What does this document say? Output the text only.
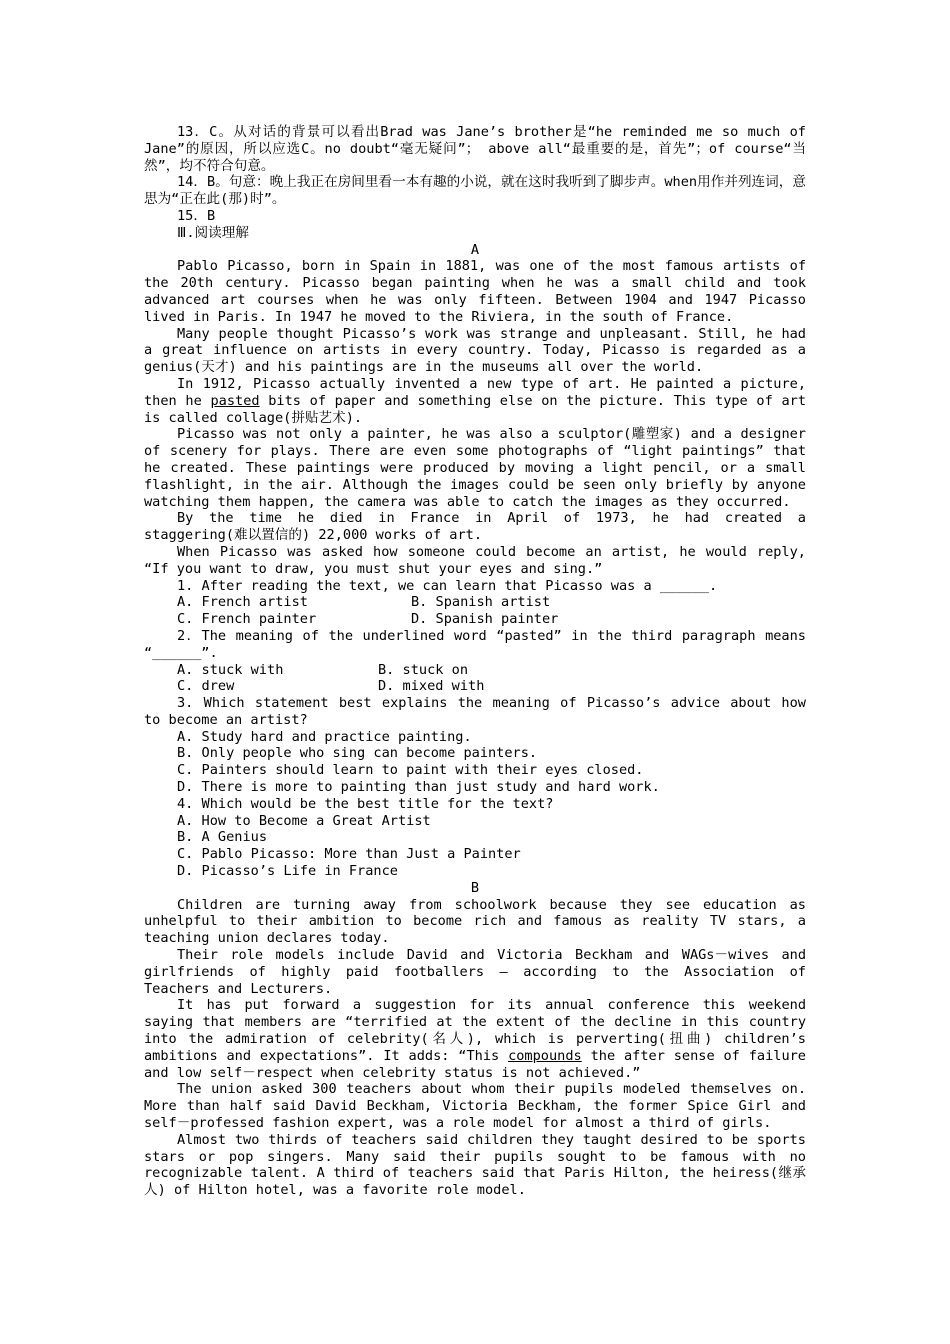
13．C。从对话的背景可以看出Brad was Jane’s brother是“he reminded me so much of Jane”的原因，所以应选C。no doubt“毫无疑问”； above all“最重要的是，首先”；of course“当然”，均不符合句意。

14．B。句意：晚上我正在房间里看一本有趣的小说，就在这时我听到了脚步声。when用作并列连词，意思为“正在此(那)时”。

15．B

Ⅲ.阅读理解

A

Pablo Picasso, born in Spain in 1881, was one of the most famous artists of the 20th century. Picasso began painting when he was a small child and took advanced art courses when he was only fifteen. Between 1904 and 1947 Picasso lived in Paris. In 1947 he moved to the Riviera, in the south of France.

Many people thought Picasso’s work was strange and unpleasant. Still, he had a great influence on artists in every country. Today, Picasso is regarded as a genius(天才) and his paintings are in the museums all over the world.

In 1912, Picasso actually invented a new type of art. He painted a picture, then he pasted bits of paper and something else on the picture. This type of art is called collage(拼贴艺术).

Picasso was not only a painter, he was also a sculptor(雕塑家) and a designer of scenery for plays. There are even some photographs of “light paintings” that he created. These paintings were produced by moving a light pencil, or a small flashlight, in the air. Although the images could be seen only briefly by anyone watching them happen, the camera was able to catch the images as they occurred.

By the time he died in France in April of 1973, he had created a staggering(难以置信的) 22,000 works of art.

When Picasso was asked how someone could become an artist, he would reply, “If you want to draw, you must shut your eyes and sing.”

1. After reading the text, we can learn that Picasso was a ______.

A. French artist	B. Spanish artist
C. French painter	D. Spanish painter

2．The meaning of the underlined word “pasted” in the third paragraph means “______”.

A. stuck with	B. stuck on
C. drew	D. mixed with

3. Which statement best explains the meaning of Picasso’s advice about how to become an artist?

A. Study hard and practice painting.

B. Only people who sing can become painters.

C. Painters should learn to paint with their eyes closed.

D. There is more to painting than just study and hard work.

4. Which would be the best title for the text?

A. How to Become a Great Artist

B. A Genius

C. Pablo Picasso: More than Just a Painter

D. Picasso’s Life in France

B

Children are turning away from schoolwork because they see education as unhelpful to their ambition to become rich and famous as reality TV stars, a teaching union declares today.

Their role models include David and Victoria Beckham and WAGs－wives and girlfriends of highly paid footballers — according to the Association of Teachers and Lecturers.

It has put forward a suggestion for its annual conference this weekend saying that members are “terrified at the extent of the decline in this country into the admiration of celebrity(名人), which is perverting(扭曲) children’s ambitions and expectations”. It adds: “This compounds the after sense of failure and low self－respect when celebrity status is not achieved.”

The union asked 300 teachers about whom their pupils modeled themselves on. More than half said David Beckham, Victoria Beckham, the former Spice Girl and self－professed fashion expert, was a role model for almost a third of girls.

Almost two thirds of teachers said children they taught desired to be sports stars or pop singers. Many said their pupils sought to be famous with no recognizable talent. A third of teachers said that Paris Hilton, the heiress(继承人) of Hilton hotel, was a favorite role model.
